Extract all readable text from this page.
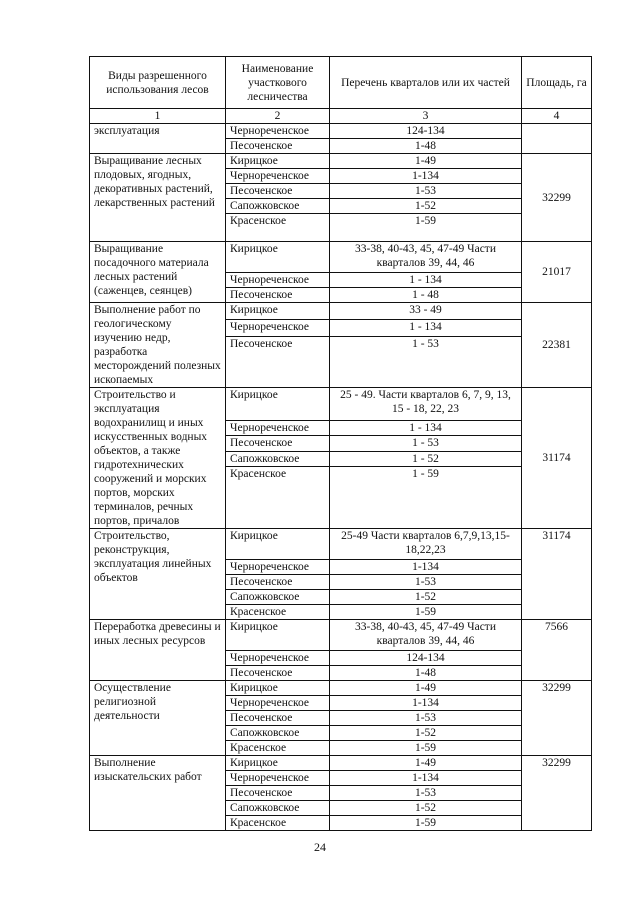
Виды разрешенного использования лесов	Наименование участкового лесничества	Перечень кварталов или их частей	Площадь, га
1	2	3	4
эксплуатация	Чернореченское	124-134	
	Песоченское	1-48	
Выращивание лесных плодовых, ягодных, декоративных растений, лекарственных растений	Кирицкое	1-49	32299
	Чернореченское	1-134	
	Песоченское	1-53	
	Сапожковское	1-52	
	Красенское	1-59	
Выращивание посадочного материала лесных растений (саженцев, сеянцев)	Кирицкое	33-38, 40-43, 45, 47-49 Части кварталов 39, 44, 46	21017
	Чернореченское	1 - 134	
	Песоченское	1 - 48	
Выполнение работ по геологическому изучению недр, разработка месторождений полезных ископаемых	Кирицкое	33 - 49	22381
	Чернореченское	1 - 134	
	Песоченское	1 - 53	
Строительство и эксплуатация водохранилищ и иных искусственных водных объектов, а также гидротехнических сооружений и морских портов, морских терминалов, речных портов, причалов	Кирицкое	25 - 49. Части кварталов 6, 7, 9, 13, 15 - 18, 22, 23	31174
	Чернореченское	1 - 134	
	Песоченское	1 - 53	
	Сапожковское	1 - 52	
	Красенское	1 - 59	
Строительство, реконструкция, эксплуатация линейных объектов	Кирицкое	25-49 Части кварталов 6,7,9,13,15-18,22,23	31174
	Чернореченское	1-134	
	Песоченское	1-53	
	Сапожковское	1-52	
	Красенское	1-59	
Переработка древесины и иных лесных ресурсов	Кирицкое	33-38, 40-43, 45, 47-49 Части кварталов 39, 44, 46	7566
	Чернореченское	124-134	
	Песоченское	1-48	
Осуществление религиозной деятельности	Кирицкое	1-49	32299
	Чернореченское	1-134	
	Песоченское	1-53	
	Сапожковское	1-52	
	Красенское	1-59	
Выполнение изыскательских работ	Кирицкое	1-49	32299
	Чернореченское	1-134	
	Песоченское	1-53	
	Сапожковское	1-52	
	Красенское	1-59	
24
